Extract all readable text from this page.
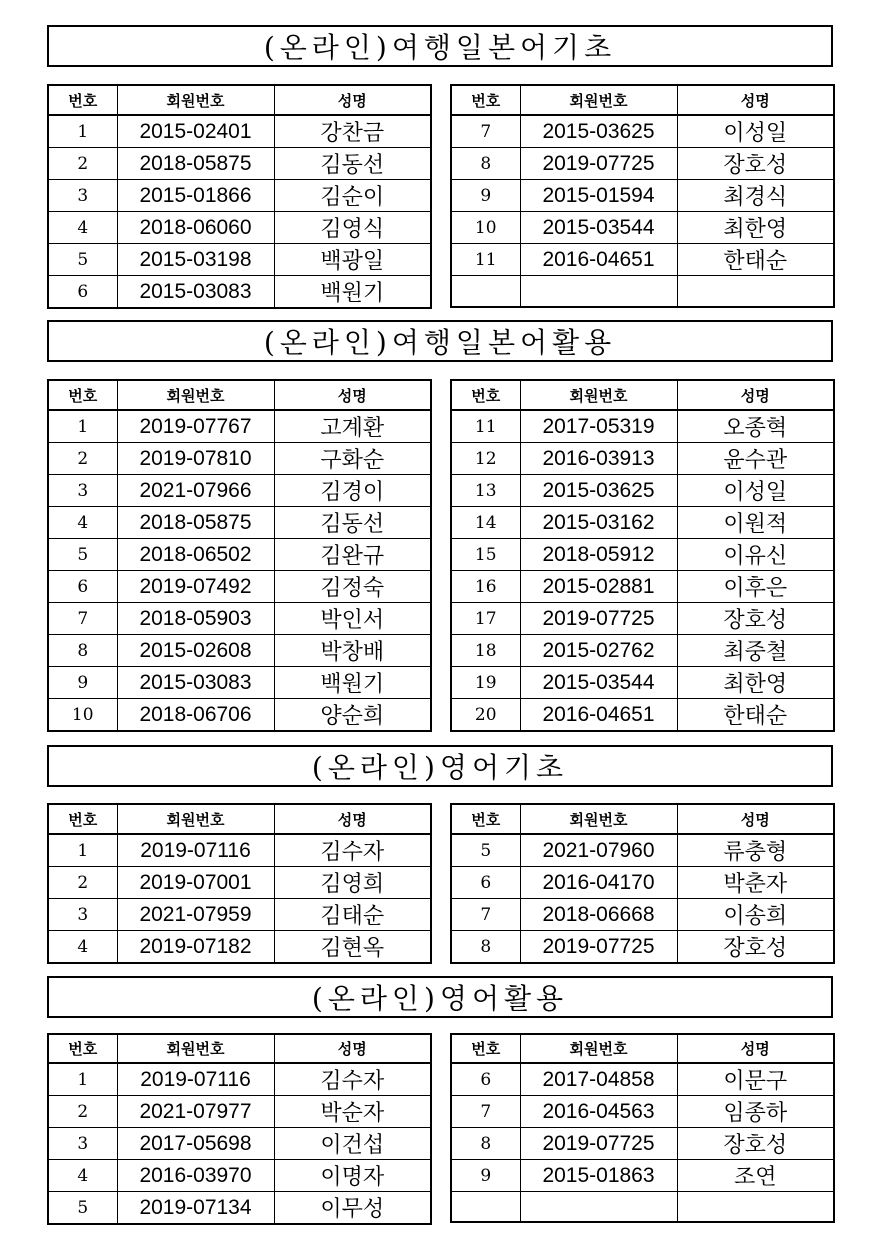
(온라인)여행일본어기초
번호	회원번호	성명
1	2015-02401	강찬금
2	2018-05875	김동선
3	2015-01866	김순이
4	2018-06060	김영식
5	2015-03198	백광일
6	2015-03083	백원기
번호	회원번호	성명
7	2015-03625	이성일
8	2019-07725	장호성
9	2015-01594	최경식
10	2015-03544	최한영
11	2016-04651	한태순

(온라인)여행일본어활용
번호	회원번호	성명
1	2019-07767	고계환
2	2019-07810	구화순
3	2021-07966	김경이
4	2018-05875	김동선
5	2018-06502	김완규
6	2019-07492	김정숙
7	2018-05903	박인서
8	2015-02608	박창배
9	2015-03083	백원기
10	2018-06706	양순희
번호	회원번호	성명
11	2017-05319	오종혁
12	2016-03913	윤수관
13	2015-03625	이성일
14	2015-03162	이원적
15	2018-05912	이유신
16	2015-02881	이후은
17	2019-07725	장호성
18	2015-02762	최중철
19	2015-03544	최한영
20	2016-04651	한태순
(온라인)영어기초
번호	회원번호	성명
1	2019-07116	김수자
2	2019-07001	김영희
3	2021-07959	김태순
4	2019-07182	김현옥
번호	회원번호	성명
5	2021-07960	류충형
6	2016-04170	박춘자
7	2018-06668	이송희
8	2019-07725	장호성
(온라인)영어활용
번호	회원번호	성명
1	2019-07116	김수자
2	2021-07977	박순자
3	2017-05698	이건섭
4	2016-03970	이명자
5	2019-07134	이무성
번호	회원번호	성명
6	2017-04858	이문구
7	2016-04563	임종하
8	2019-07725	장호성
9	2015-01863	조연
